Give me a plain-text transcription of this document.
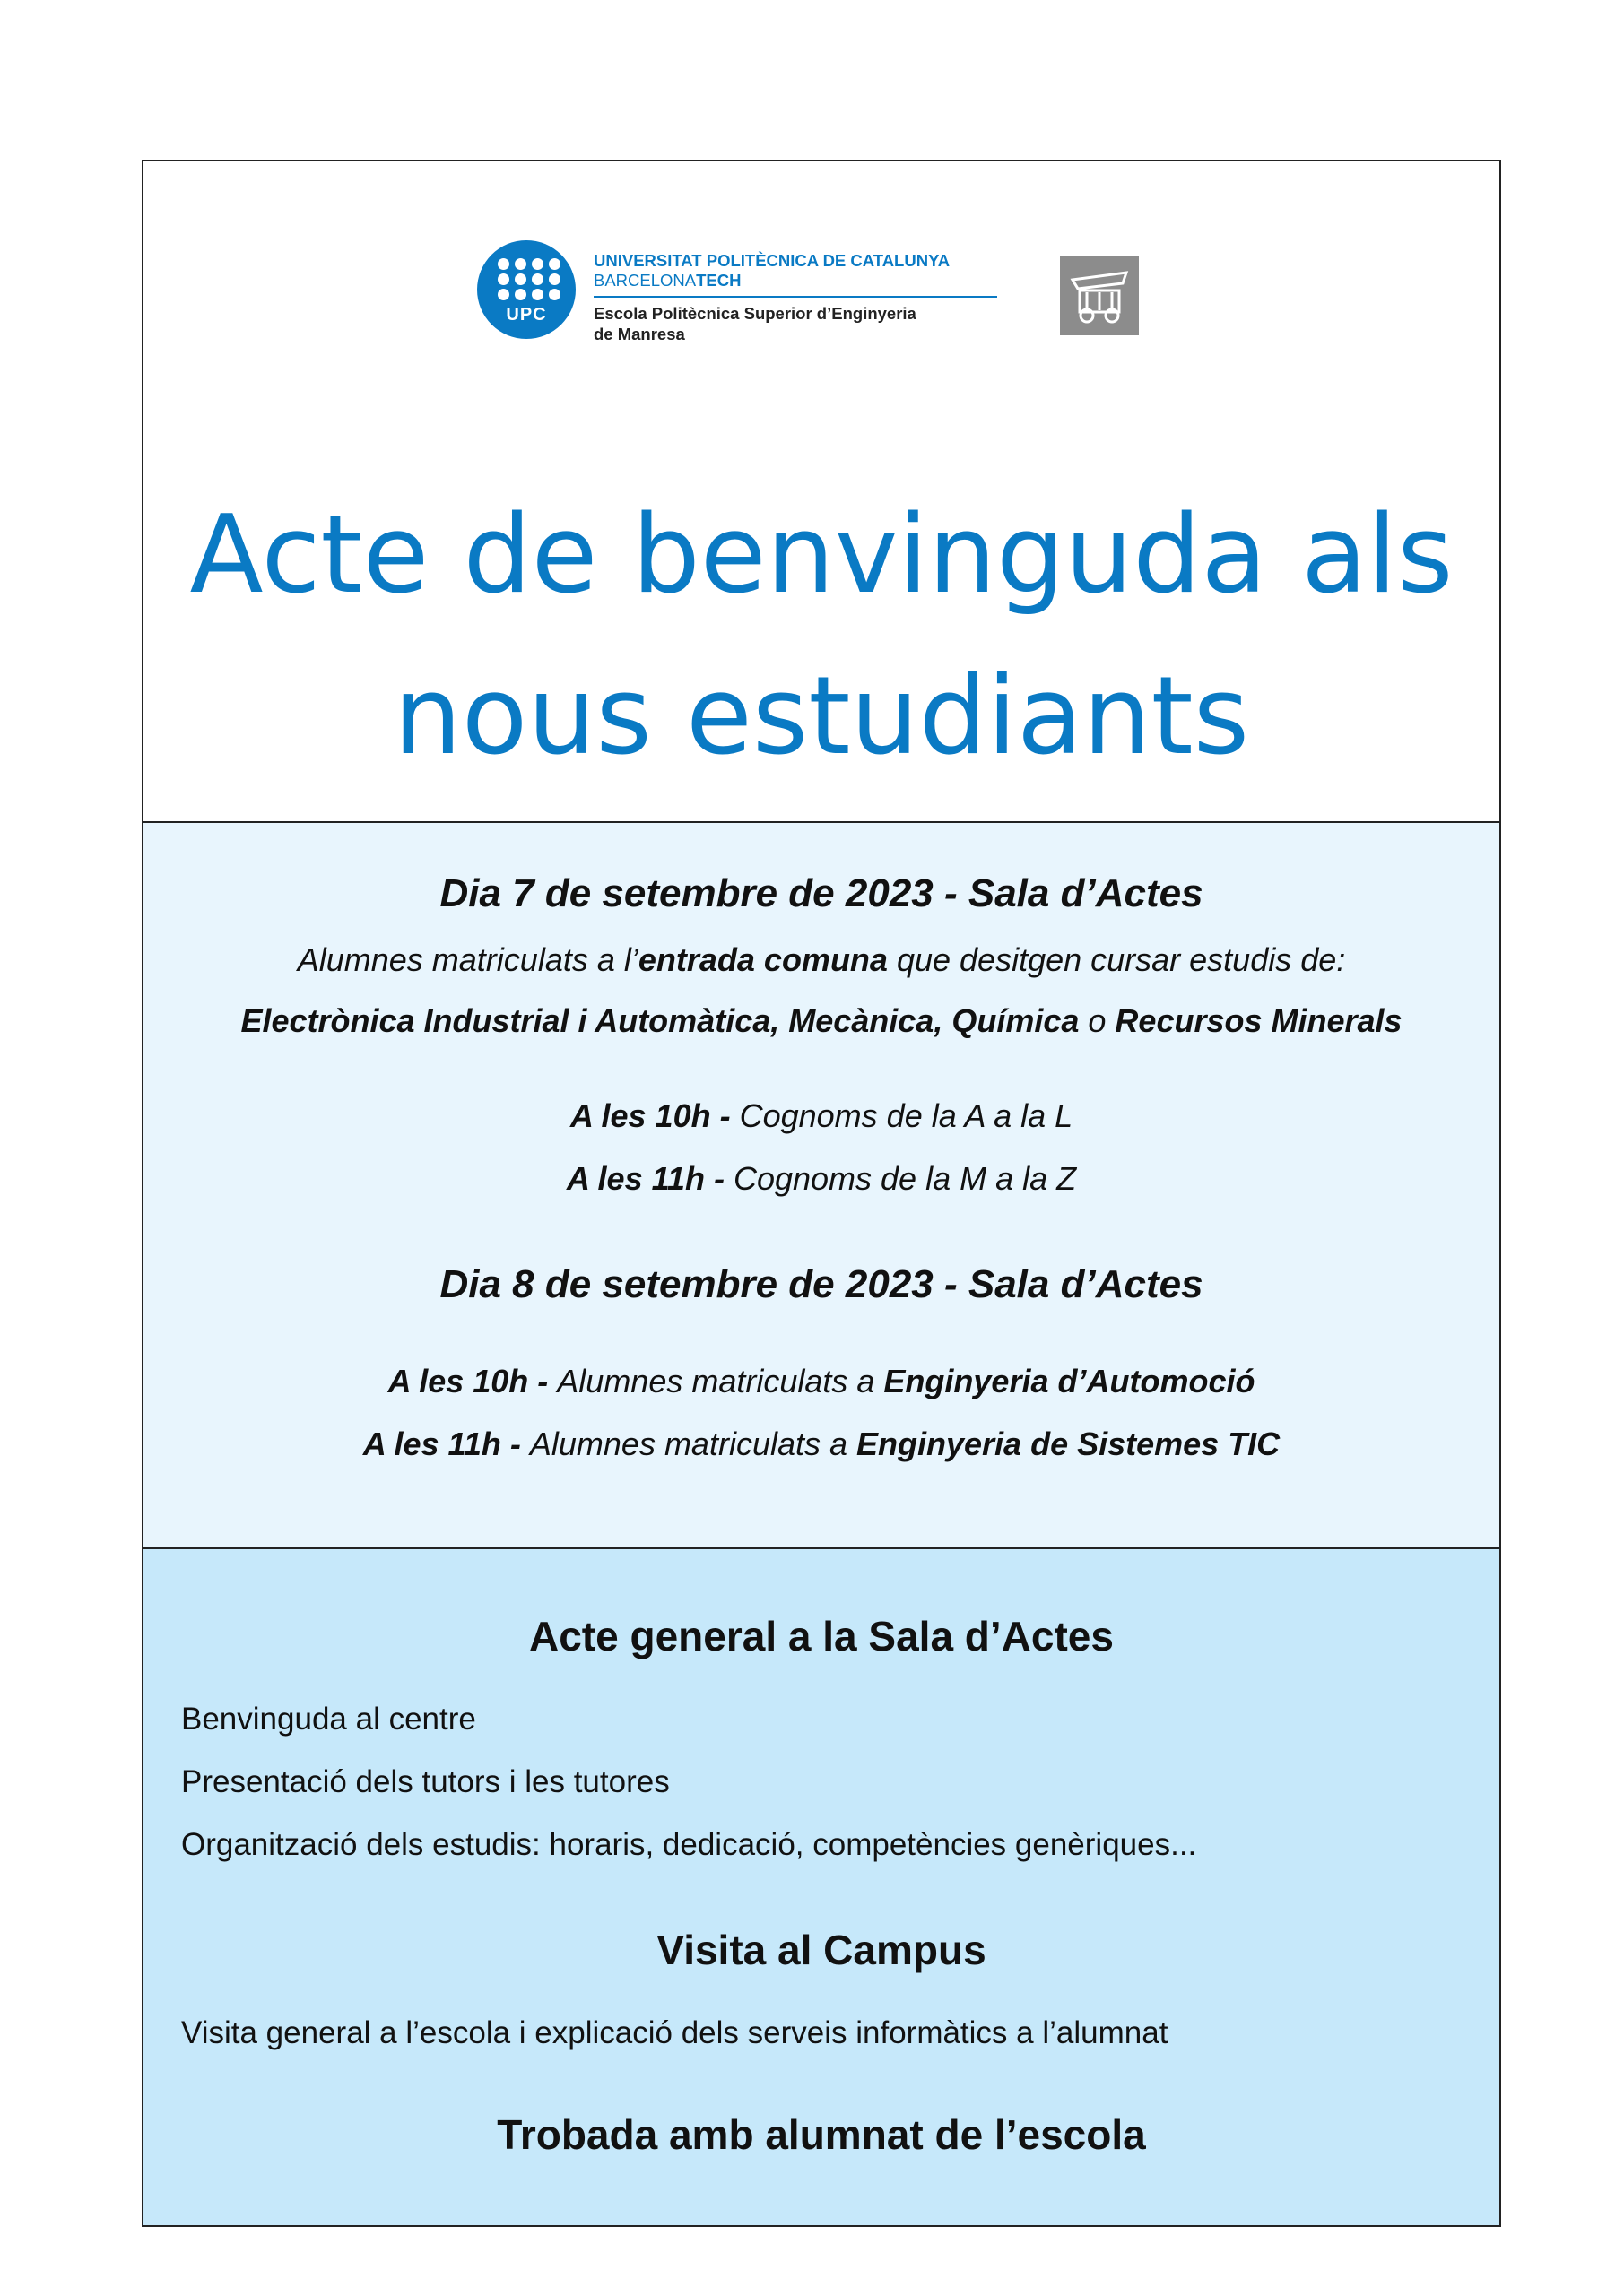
UPC
UNIVERSITAT POLITÈCNICA DE CATALUNYA
BARCELONATECH
Escola Politècnica Superior d’Enginyeria
de Manresa
Acte de benvinguda als
nous estudiants
Dia 7 de setembre de 2023 - Sala d’Actes
Alumnes matriculats a l’entrada comuna que desitgen cursar estudis de:
Electrònica Industrial i Automàtica, Mecànica, Química o Recursos Minerals
A les 10h - Cognoms de la A a la L
A les 11h - Cognoms de la M a la Z
Dia 8 de setembre de 2023 - Sala d’Actes
A les 10h - Alumnes matriculats a Enginyeria d’Automoció
A les 11h - Alumnes matriculats a Enginyeria de Sistemes TIC
Acte general a la Sala d’Actes
Benvinguda al centre
Presentació dels tutors i les tutores
Organització dels estudis: horaris, dedicació, competències genèriques...
Visita al Campus
Visita general a l’escola i explicació dels serveis informàtics a l’alumnat
Trobada amb alumnat de l’escola
